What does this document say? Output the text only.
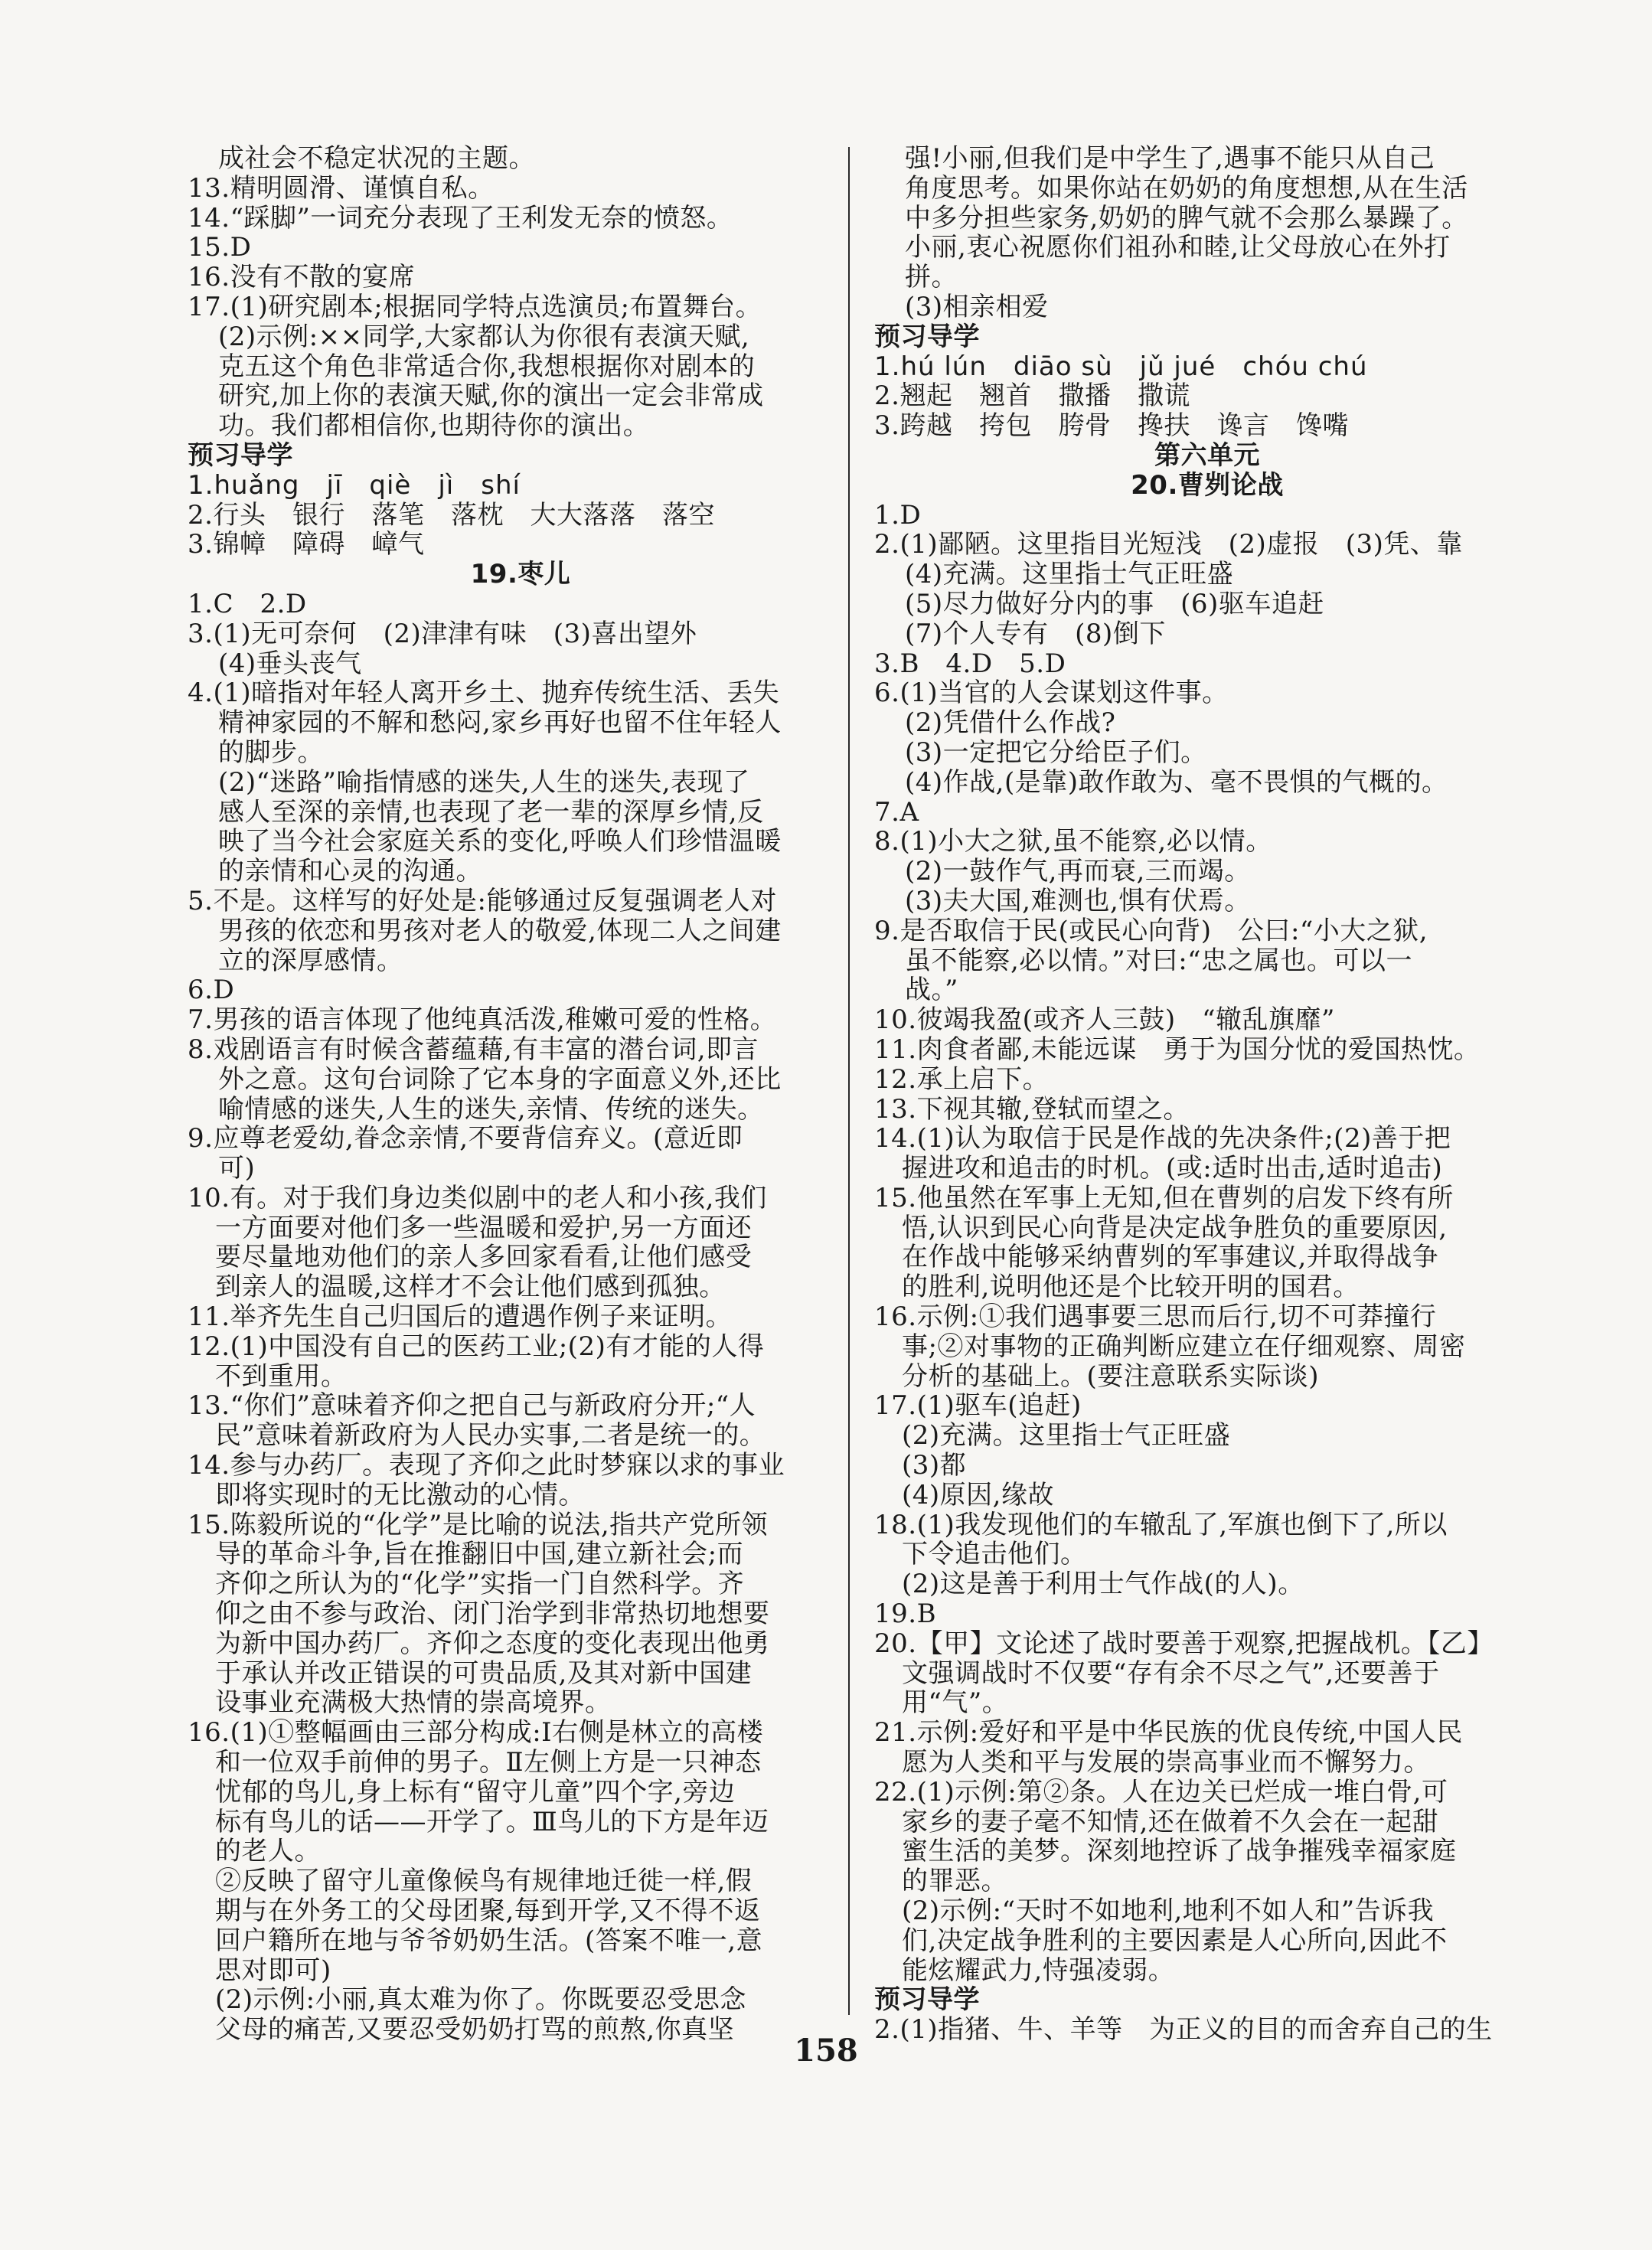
成社会不稳定状况的主题。
13.精明圆滑、谨慎自私。
14.“踩脚”一词充分表现了王利发无奈的愤怒。
15.D
16.没有不散的宴席
17.(1)研究剧本;根据同学特点选演员;布置舞台。
(2)示例:××同学,大家都认为你很有表演天赋,
克五这个角色非常适合你,我想根据你对剧本的
研究,加上你的表演天赋,你的演出一定会非常成
功。我们都相信你,也期待你的演出。
预习导学
1.huǎng　jī　qiè　jì　shí
2.行头　银行　落笔　落枕　大大落落　落空
3.锦幛　障碍　嶂气
19.枣儿
1.C　2.D
3.(1)无可奈何　(2)津津有味　(3)喜出望外
(4)垂头丧气
4.(1)暗指对年轻人离开乡土、抛弃传统生活、丢失
精神家园的不解和愁闷,家乡再好也留不住年轻人
的脚步。
(2)“迷路”喻指情感的迷失,人生的迷失,表现了
感人至深的亲情,也表现了老一辈的深厚乡情,反
映了当今社会家庭关系的变化,呼唤人们珍惜温暖
的亲情和心灵的沟通。
5.不是。这样写的好处是:能够通过反复强调老人对
男孩的依恋和男孩对老人的敬爱,体现二人之间建
立的深厚感情。
6.D
7.男孩的语言体现了他纯真活泼,稚嫩可爱的性格。
8.戏剧语言有时候含蓄蕴藉,有丰富的潜台词,即言
外之意。这句台词除了它本身的字面意义外,还比
喻情感的迷失,人生的迷失,亲情、传统的迷失。
9.应尊老爱幼,眷念亲情,不要背信弃义。(意近即
可)
10.有。对于我们身边类似剧中的老人和小孩,我们
一方面要对他们多一些温暖和爱护,另一方面还
要尽量地劝他们的亲人多回家看看,让他们感受
到亲人的温暖,这样才不会让他们感到孤独。
11.举齐先生自己归国后的遭遇作例子来证明。
12.(1)中国没有自己的医药工业;(2)有才能的人得
不到重用。
13.“你们”意味着齐仰之把自己与新政府分开;“人
民”意味着新政府为人民办实事,二者是统一的。
14.参与办药厂。表现了齐仰之此时梦寐以求的事业
即将实现时的无比激动的心情。
15.陈毅所说的“化学”是比喻的说法,指共产党所领
导的革命斗争,旨在推翻旧中国,建立新社会;而
齐仰之所认为的“化学”实指一门自然科学。齐
仰之由不参与政治、闭门治学到非常热切地想要
为新中国办药厂。齐仰之态度的变化表现出他勇
于承认并改正错误的可贵品质,及其对新中国建
设事业充满极大热情的崇高境界。
16.(1)①整幅画由三部分构成:Ⅰ右侧是林立的高楼
和一位双手前伸的男子。Ⅱ左侧上方是一只神态
忧郁的鸟儿,身上标有“留守儿童”四个字,旁边
标有鸟儿的话——开学了。Ⅲ鸟儿的下方是年迈
的老人。
②反映了留守儿童像候鸟有规律地迁徙一样,假
期与在外务工的父母团聚,每到开学,又不得不返
回户籍所在地与爷爷奶奶生活。(答案不唯一,意
思对即可)
(2)示例:小丽,真太难为你了。你既要忍受思念
父母的痛苦,又要忍受奶奶打骂的煎熬,你真坚
强!小丽,但我们是中学生了,遇事不能只从自己
角度思考。如果你站在奶奶的角度想想,从在生活
中多分担些家务,奶奶的脾气就不会那么暴躁了。
小丽,衷心祝愿你们祖孙和睦,让父母放心在外打
拼。
(3)相亲相爱
预习导学
1.hú lún　diāo sù　jǔ jué　chóu chú
2.翘起　翘首　撒播　撒谎
3.跨越　挎包　胯骨　搀扶　谗言　馋嘴
第六单元
20.曹刿论战
1.D
2.(1)鄙陋。这里指目光短浅　(2)虚报　(3)凭、靠
(4)充满。这里指士气正旺盛
(5)尽力做好分内的事　(6)驱车追赶
(7)个人专有　(8)倒下
3.B　4.D　5.D
6.(1)当官的人会谋划这件事。
(2)凭借什么作战?
(3)一定把它分给臣子们。
(4)作战,(是靠)敢作敢为、毫不畏惧的气概的。
7.A
8.(1)小大之狱,虽不能察,必以情。
(2)一鼓作气,再而衰,三而竭。
(3)夫大国,难测也,惧有伏焉。
9.是否取信于民(或民心向背)　公曰:“小大之狱,
虽不能察,必以情。”对曰:“忠之属也。可以一
战。”
10.彼竭我盈(或齐人三鼓)　“辙乱旗靡”
11.肉食者鄙,未能远谋　勇于为国分忧的爱国热忱。
12.承上启下。
13.下视其辙,登轼而望之。
14.(1)认为取信于民是作战的先决条件;(2)善于把
握进攻和追击的时机。(或:适时出击,适时追击)
15.他虽然在军事上无知,但在曹刿的启发下终有所
悟,认识到民心向背是决定战争胜负的重要原因,
在作战中能够采纳曹刿的军事建议,并取得战争
的胜利,说明他还是个比较开明的国君。
16.示例:①我们遇事要三思而后行,切不可莽撞行
事;②对事物的正确判断应建立在仔细观察、周密
分析的基础上。(要注意联系实际谈)
17.(1)驱车(追赶)
(2)充满。这里指士气正旺盛
(3)都
(4)原因,缘故
18.(1)我发现他们的车辙乱了,军旗也倒下了,所以
下令追击他们。
(2)这是善于利用士气作战(的人)。
19.B
20.【甲】文论述了战时要善于观察,把握战机。【乙】
文强调战时不仅要“存有余不尽之气”,还要善于
用“气”。
21.示例:爱好和平是中华民族的优良传统,中国人民
愿为人类和平与发展的崇高事业而不懈努力。
22.(1)示例:第②条。人在边关已烂成一堆白骨,可
家乡的妻子毫不知情,还在做着不久会在一起甜
蜜生活的美梦。深刻地控诉了战争摧残幸福家庭
的罪恶。
(2)示例:“天时不如地利,地利不如人和”告诉我
们,决定战争胜利的主要因素是人心所向,因此不
能炫耀武力,恃强凌弱。
预习导学
2.(1)指猪、牛、羊等　为正义的目的而舍弃自己的生
158
